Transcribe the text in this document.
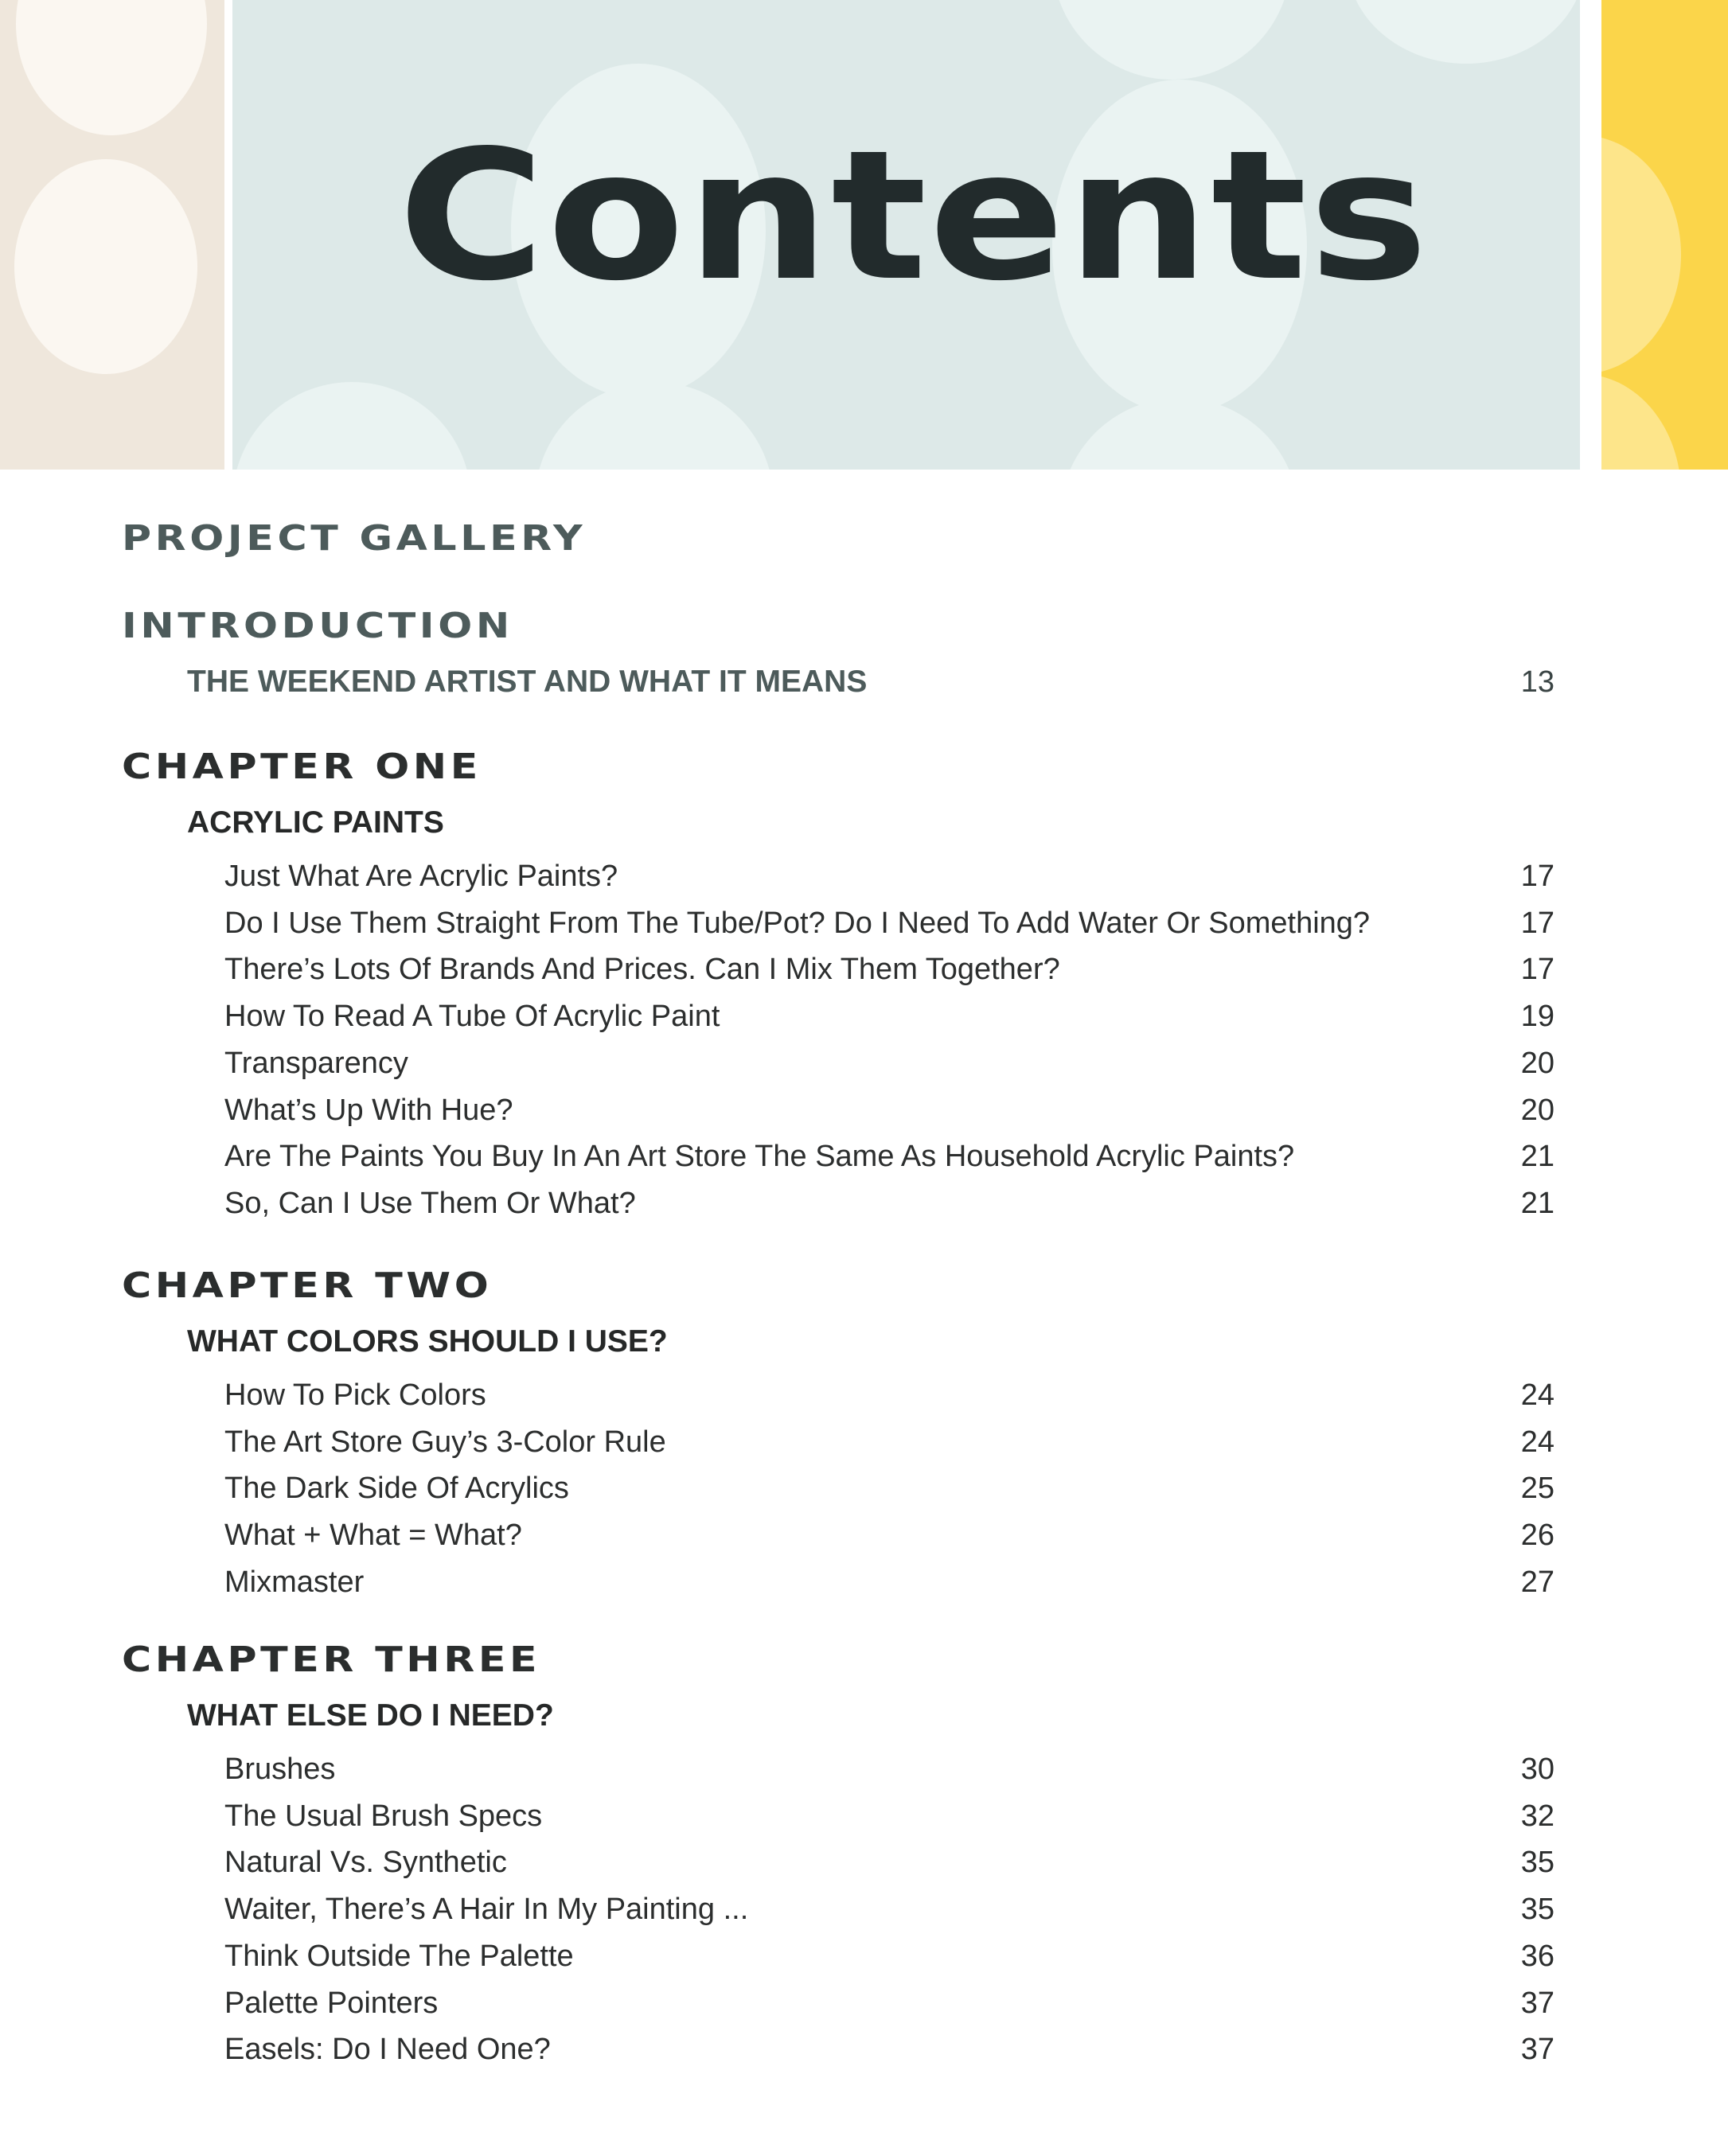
Contents
PROJECT GALLERY
INTRODUCTION
THE WEEKEND ARTIST AND WHAT IT MEANS	13
CHAPTER ONE
ACRYLIC PAINTS
Just What Are Acrylic Paints?	17
Do I Use Them Straight From The Tube/Pot? Do I Need To Add Water Or Something?	17
There’s Lots Of Brands And Prices. Can I Mix Them Together?	17
How To Read A Tube Of Acrylic Paint	19
Transparency	20
What’s Up With Hue?	20
Are The Paints You Buy In An Art Store The Same As Household Acrylic Paints?	21
So, Can I Use Them Or What?	21
CHAPTER TWO
WHAT COLORS SHOULD I USE?
How To Pick Colors	24
The Art Store Guy’s 3-Color Rule	24
The Dark Side Of Acrylics	25
What + What = What?	26
Mixmaster	27
CHAPTER THREE
WHAT ELSE DO I NEED?
Brushes	30
The Usual Brush Specs	32
Natural Vs. Synthetic	35
Waiter, There’s A Hair In My Painting ...	35
Think Outside The Palette	36
Palette Pointers	37
Easels: Do I Need One?	37
